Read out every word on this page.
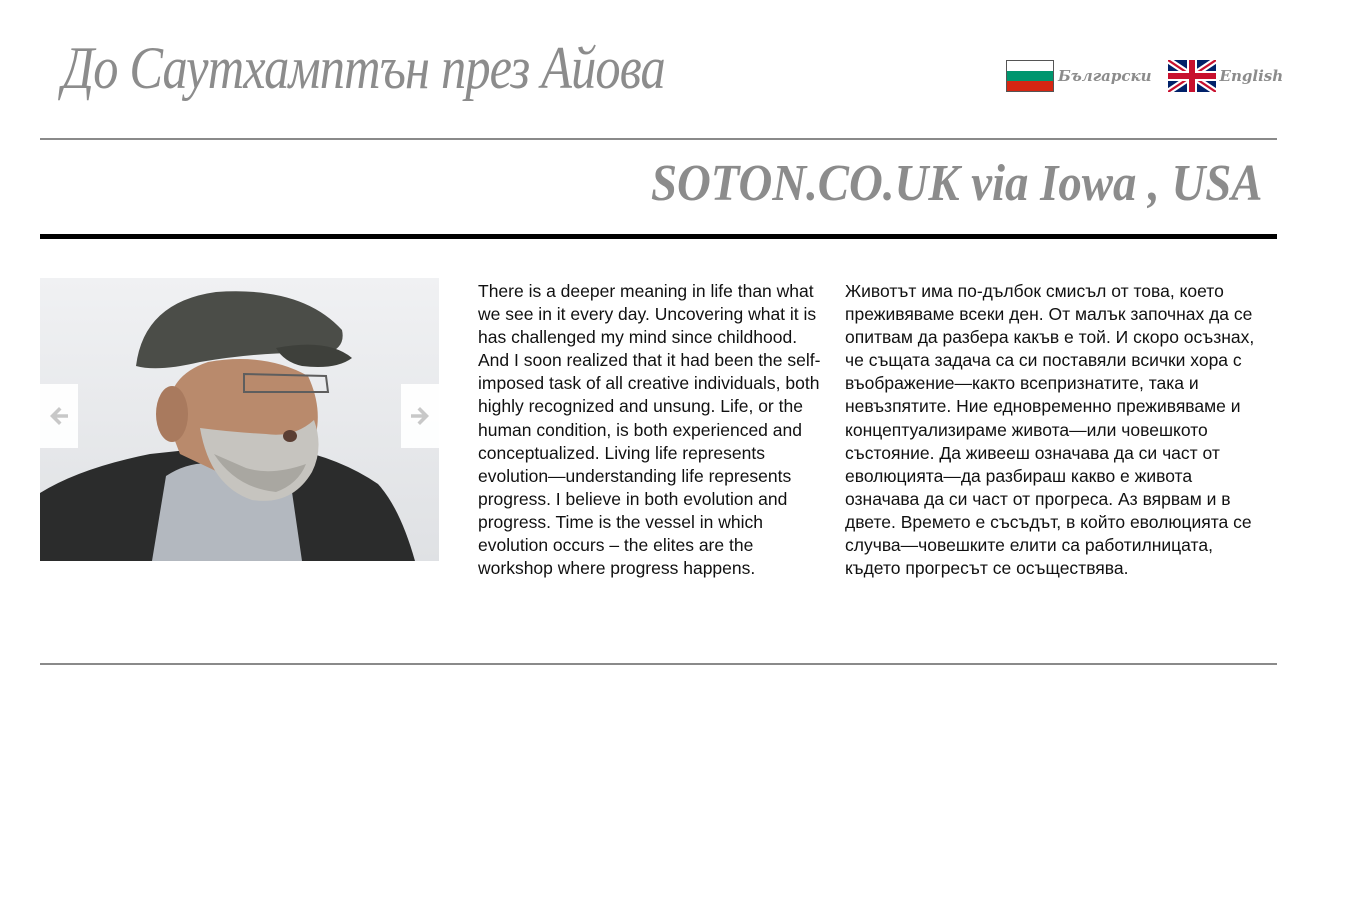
До Саутхамптън през Айова	Български	English
SOTON.CO.UK via Iowa , USA

There is a deeper meaning in life than what we see in it every day. Uncovering what it is has challenged my mind since childhood. And I soon realized that it had been the self-imposed task of all creative individuals, both highly recognized and unsung. Life, or the human condition, is both experienced and conceptualized. Living life represents evolution—understanding life represents progress. I believe in both evolution and progress. Time is the vessel in which evolution occurs – the elites are the workshop where progress happens.

Животът има по-дълбок смисъл от това, което преживяваме всеки ден. От малък започнах да се опитвам да разбера какъв е той. И скоро осъзнах, че същата задача са си поставяли всички хора с въображение—както всепризнатите, така и невъзпятите. Ние едновременно преживяваме и концептуализираме живота—или човешкото състояние. Да живееш означава да си част от еволюцията—да разбираш какво е живота означава да си част от прогреса. Аз вярвам и в двете. Времето е съсъдът, в който еволюцията се случва—човешките елити са работилницата, където прогресът се осъществява.
